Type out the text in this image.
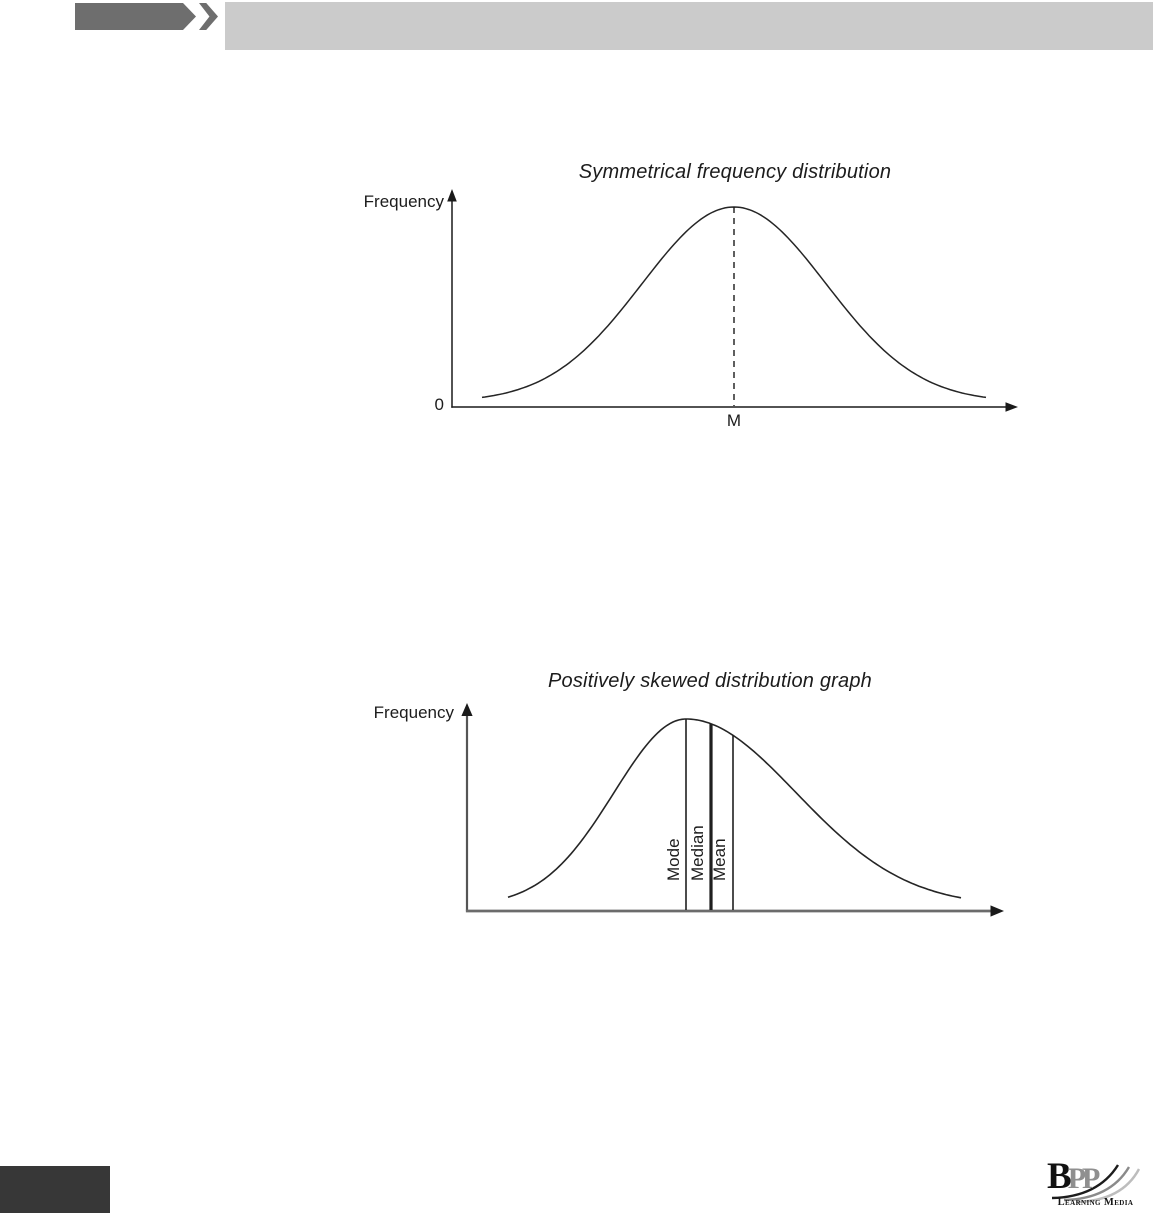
Symmetrical frequency distribution
Frequency
0
M
Positively skewed distribution graph
Frequency
Mode Median Mean
BPP
Learning Media
